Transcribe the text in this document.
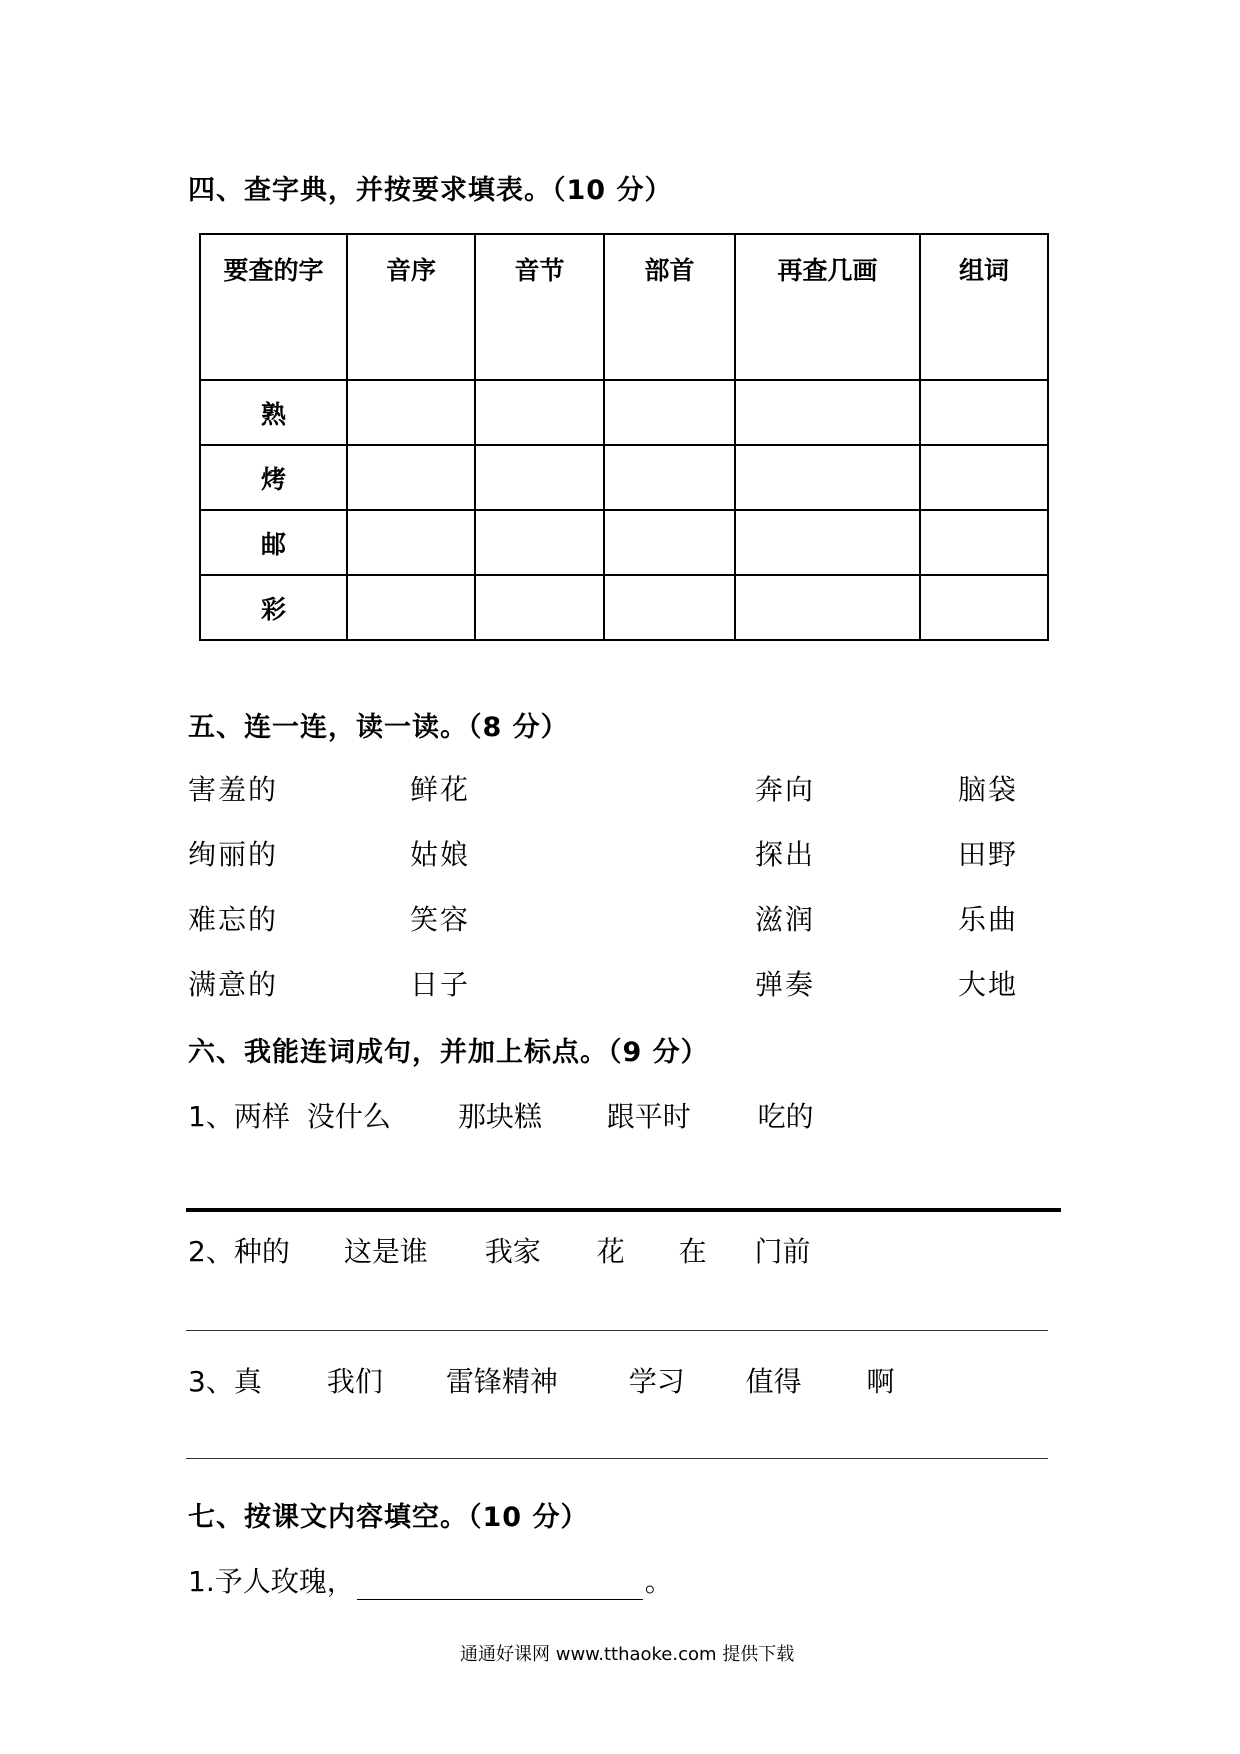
四、查字典，并按要求填表。（10 分）
要查的字	音序	音节	部首	再查几画	组词
熟					
烤					
邮					
彩					
五、连一连，读一读。（8 分）
害羞的	鲜花	奔向	脑袋
绚丽的	姑娘	探出	田野
难忘的	笑容	滋润	乐曲
满意的	日子	弹奏	大地
六、我能连词成句，并加上标点。（9 分）
1、两样 没什么 那块糕 跟平时 吃的
2、种的 这是谁 我家 花 在 门前
3、真 我们 雷锋精神	学习 值得 啊
七、按课文内容填空。（10 分）
1.予人玫瑰，	。
通通好课网 www.tthaoke.com 提供下载
